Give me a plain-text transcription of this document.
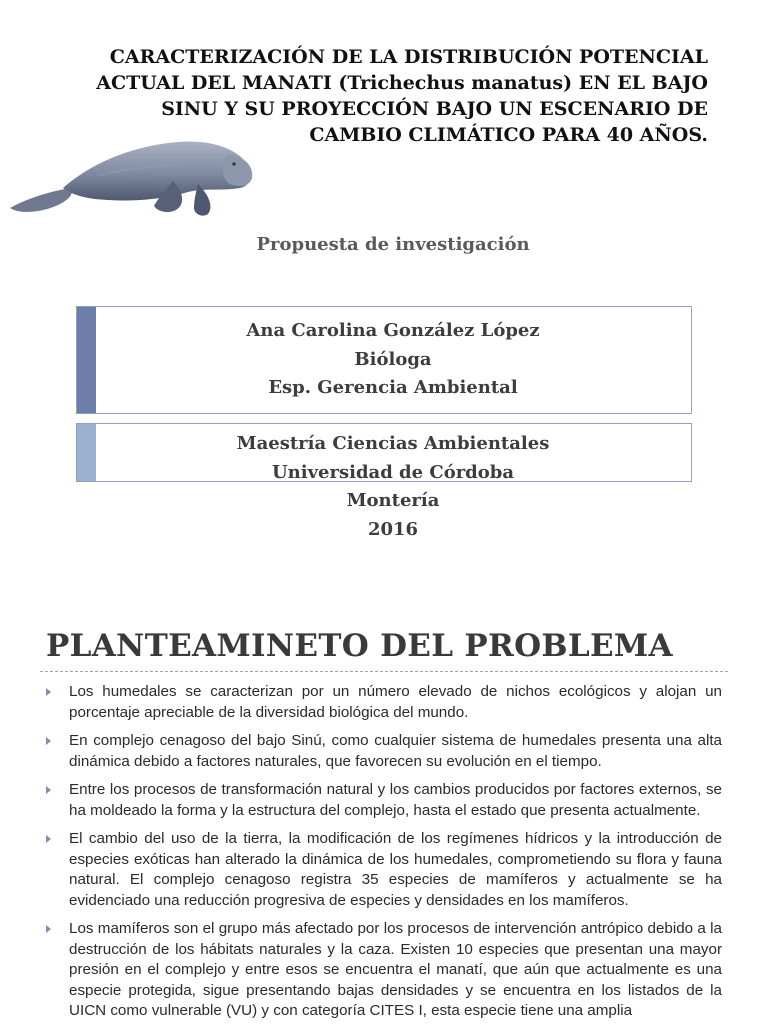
CARACTERIZACIÓN DE LA DISTRIBUCIÓN POTENCIAL
ACTUAL DEL MANATI (Trichechus manatus) EN EL BAJO
SINU Y SU PROYECCIÓN BAJO UN ESCENARIO DE
CAMBIO CLIMÁTICO PARA 40 AÑOS.
Propuesta de investigación
Ana Carolina González López
Bióloga
Esp. Gerencia Ambiental
Maestría Ciencias Ambientales
Universidad de Córdoba
Montería
2016
PLANTEAMINETO DEL PROBLEMA
Los humedales se caracterizan por un número elevado de nichos ecológicos y alojan un porcentaje apreciable de la diversidad biológica del mundo.
En complejo cenagoso del bajo Sinú, como cualquier sistema de humedales presenta una alta dinámica debido a factores naturales, que favorecen su evolución en el tiempo.
Entre los procesos de transformación natural y los cambios producidos por factores externos, se ha moldeado la forma y la estructura del complejo, hasta el estado que presenta actualmente.
El cambio del uso de la tierra, la modificación de los regímenes hídricos y la introducción de especies exóticas han alterado la dinámica de los humedales, comprometiendo su flora y fauna natural. El complejo cenagoso registra 35 especies de mamíferos y actualmente se ha evidenciado una reducción progresiva de especies y densidades en los mamíferos.
Los mamíferos son el grupo más afectado por los procesos de intervención antrópico debido a la destrucción de los hábitats naturales y la caza. Existen 10 especies que presentan una mayor presión en el complejo y entre esos se encuentra el manatí, que aún que actualmente es una especie protegida, sigue presentando bajas densidades y se encuentra en los listados de la UICN como vulnerable (VU) y con categoría CITES I, esta especie tiene una amplia
